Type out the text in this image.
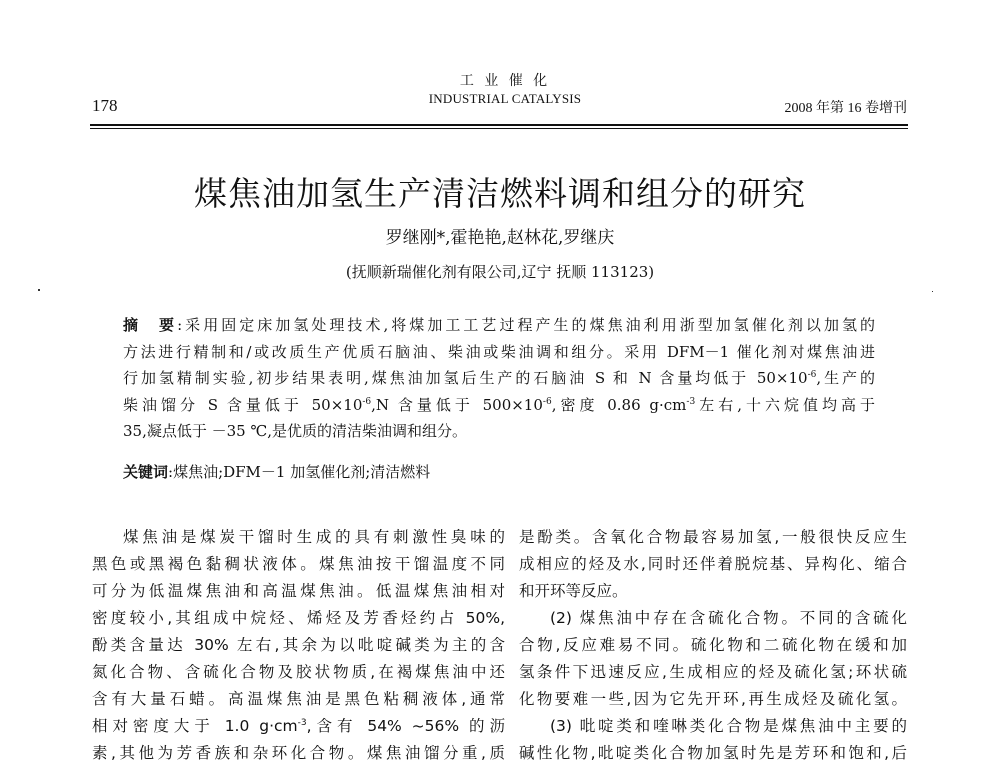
178
工 业 催 化
INDUSTRIAL CATALYSIS
2008 年第 16 卷增刊
煤焦油加氢生产清洁燃料调和组分的研究
罗继刚*,霍艳艳,赵林花,罗继庆
(抚顺新瑞催化剂有限公司,辽宁 抚顺 113123)
摘　要:采用固定床加氢处理技术,将煤加工工艺过程产生的煤焦油利用浙型加氢催化剂以加氢的
方法进行精制和/或改质生产优质石脑油、柴油或柴油调和组分。采用 DFM－1 催化剂对煤焦油进
行加氢精制实验,初步结果表明,煤焦油加氢后生产的石脑油 S 和 N 含量均低于 $50\times 10^{-6}$,生产的
柴油馏分 S 含量低于 $50\times 10^{-6},N$ 含量低于 $500\times 10^{-6}$,密度 0.86 $g\cdot cm^{-3}$左右,十六烷值均高于
35,凝点低于 －35 ℃,是优质的清洁柴油调和组分。
关键词:煤焦油;DFM－1 加氢催化剂;清洁燃料
煤焦油是煤炭干馏时生成的具有刺激性臭味的
黑色或黑褐色黏稠状液体。煤焦油按干馏温度不同
可分为低温煤焦油和高温煤焦油。低温煤焦油相对
密度较小,其组成中烷烃、烯烃及芳香烃约占 50%,
酚类含量达 30% 左右,其余为以吡啶碱类为主的含
氮化合物、含硫化合物及胶状物质,在褐煤焦油中还
含有大量石蜡。高温煤焦油是黑色粘稠液体,通常
相对密度大于 1.0 $g\cdot cm^{-3}$,含有 54% ~56% 的沥
素,其他为芳香族和杂环化合物。煤焦油馏分重,质
是酚类。含氧化合物最容易加氢,一般很快反应生
成相应的烃及水,同时还伴着脱烷基、异构化、缩合
和开环等反应。
(2) 煤焦油中存在含硫化合物。不同的含硫化
合物,反应难易不同。硫化物和二硫化物在缓和加
氢条件下迅速反应,生成相应的烃及硫化氢;环状硫
化物要难一些,因为它先开环,再生成烃及硫化氢。
(3) 吡啶类和喹啉类化合物是煤焦油中主要的
碱性化物,吡啶类化合物加氢时先是芳环和饱和,后
